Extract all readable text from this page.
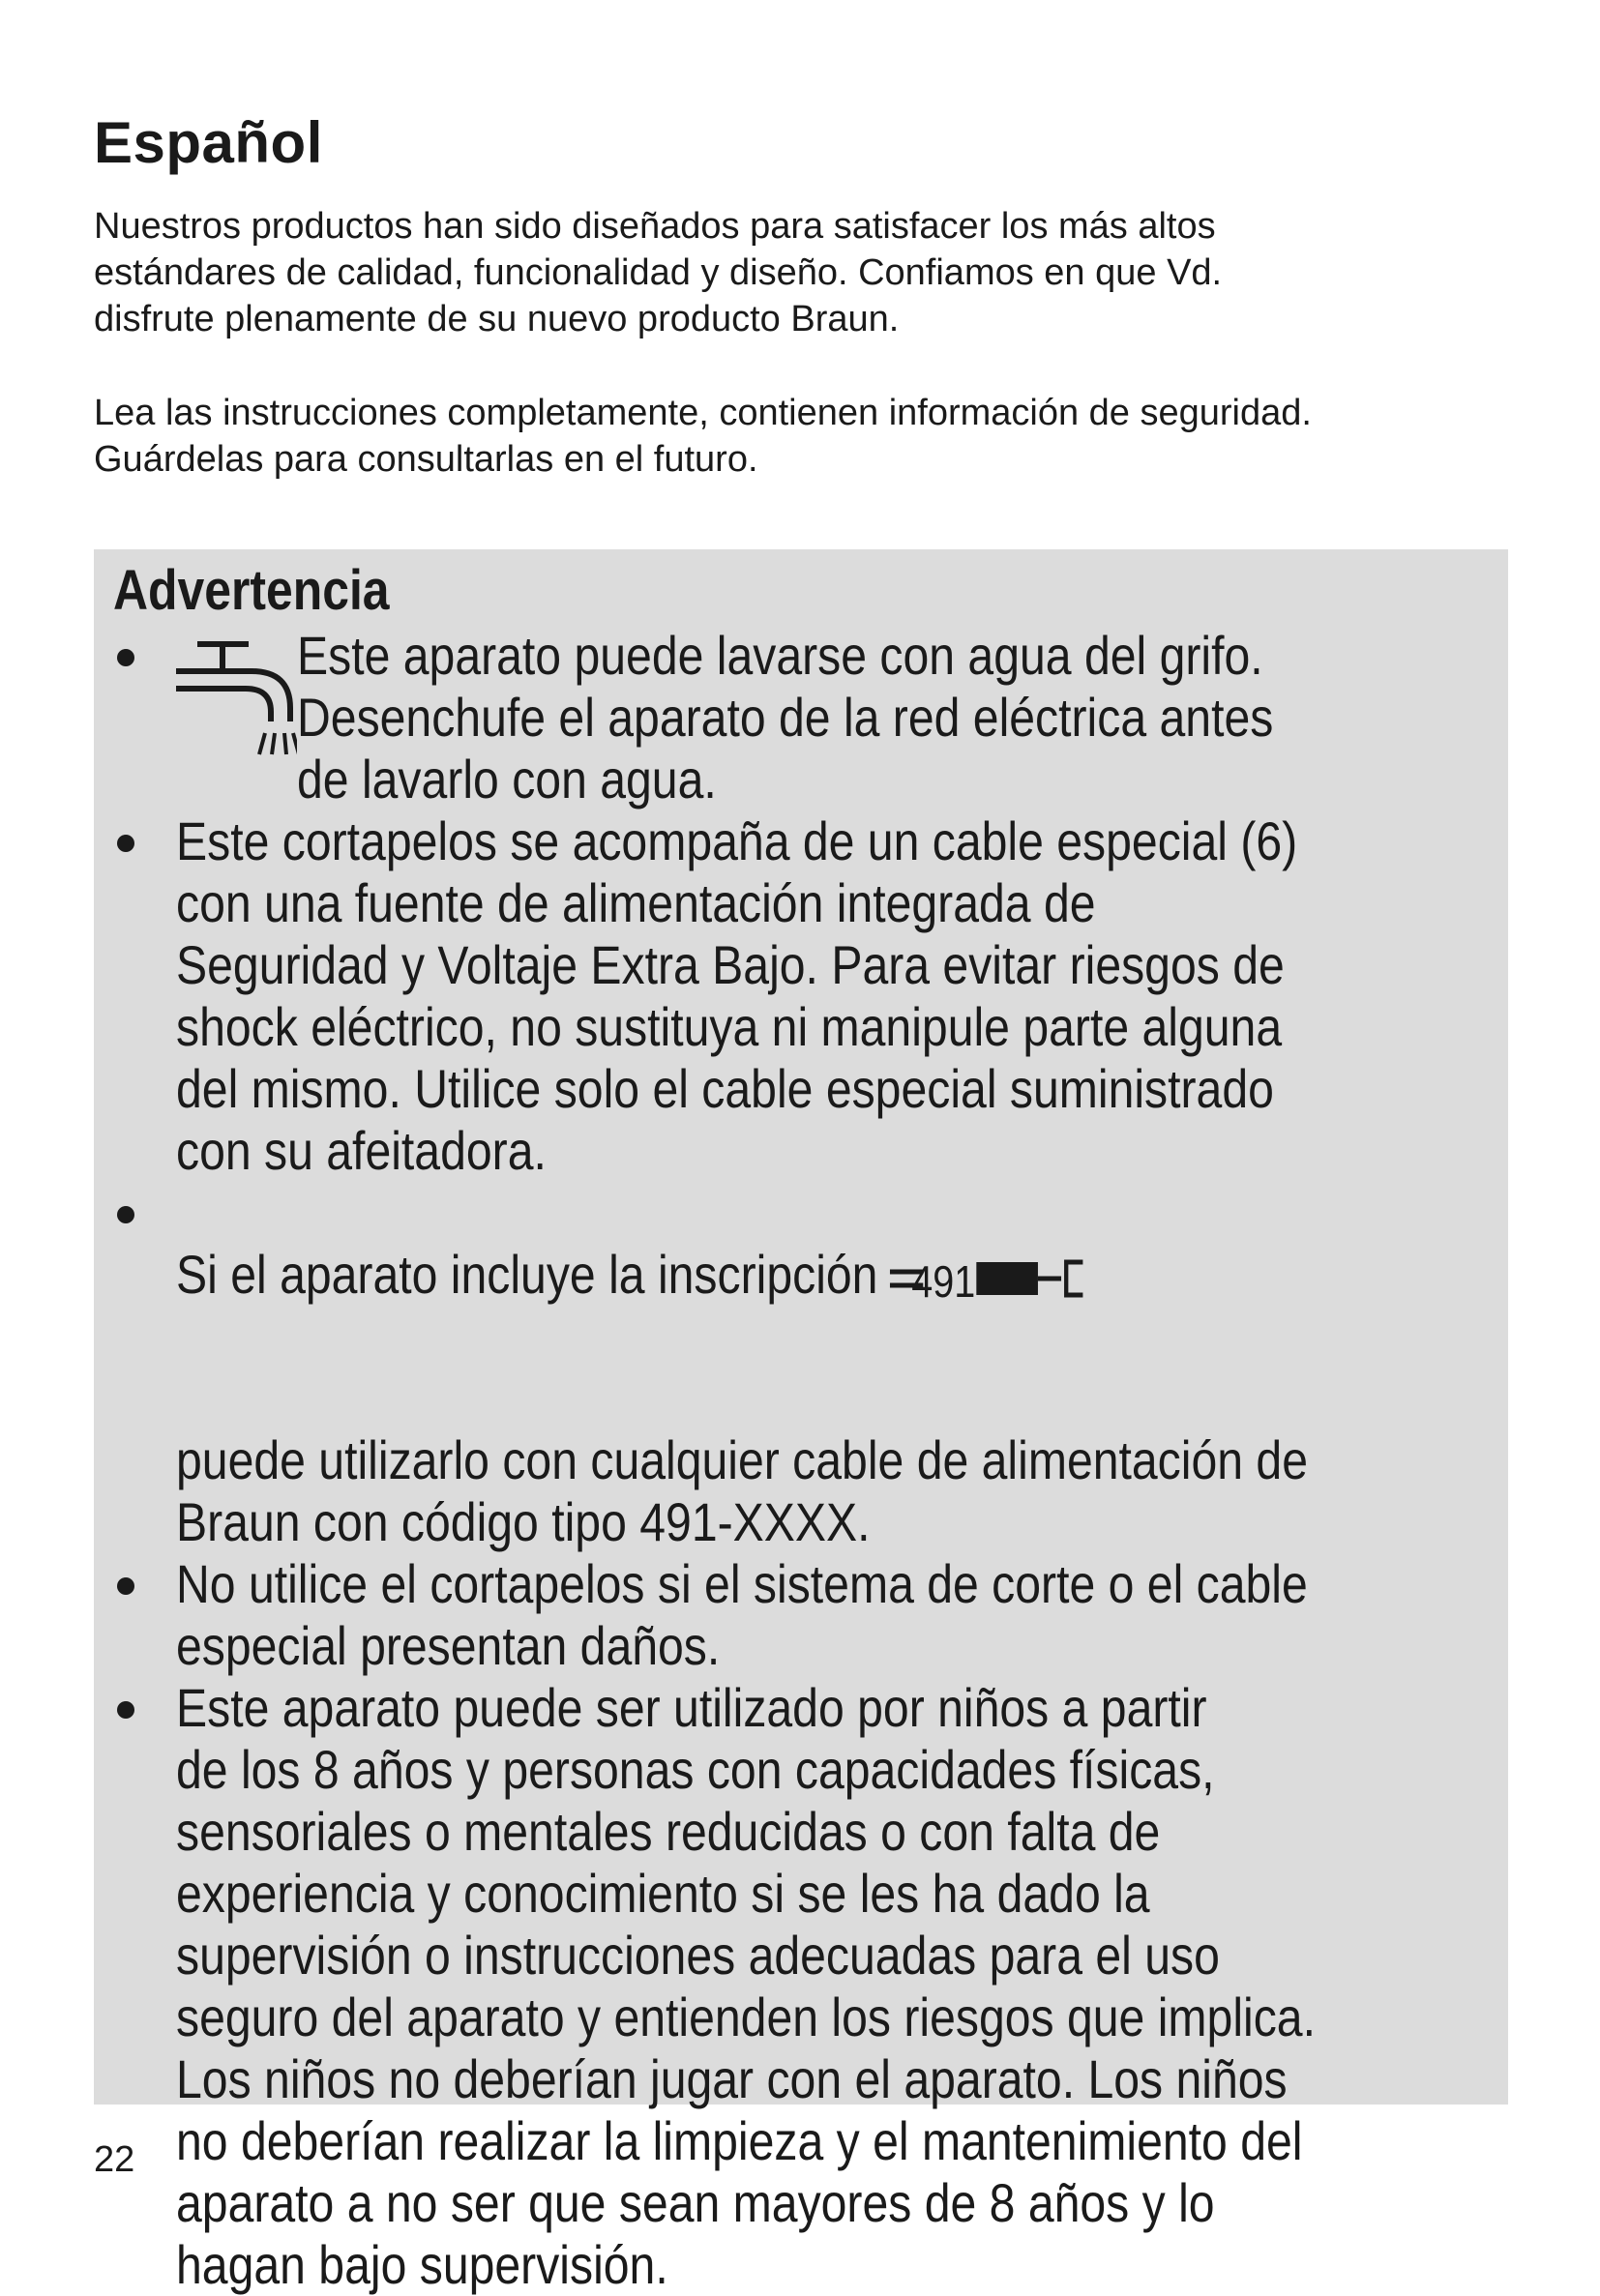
Español

Nuestros productos han sido diseñados para satisfacer los más altos
estándares de calidad, funcionalidad y diseño. Confiamos en que Vd.
disfrute plenamente de su nuevo producto Braun.

Lea las instrucciones completamente, contienen información de seguridad.
Guárdelas para consultarlas en el futuro.

Advertencia
Este aparato puede lavarse con agua del grifo.
Desenchufe el aparato de la red eléctrica antes
de lavarlo con agua.
Este cortapelos se acompaña de un cable especial (6)
con una fuente de alimentación integrada de
Seguridad y Voltaje Extra Bajo. Para evitar riesgos de
shock eléctrico, no sustituya ni manipule parte alguna
del mismo. Utilice solo el cable especial suministrado
con su afeitadora.

Si el aparato incluye la inscripción 491

puede utilizarlo con cualquier cable de alimentación de
Braun con código tipo 491-XXXX.

No utilice el cortapelos si el sistema de corte o el cable
especial presentan daños.
Este aparato puede ser utilizado por niños a partir
de los 8 años y personas con capacidades físicas,
sensoriales o mentales reducidas o con falta de
experiencia y conocimiento si se les ha dado la
supervisión o instrucciones adecuadas para el uso
seguro del aparato y entienden los riesgos que implica.
Los niños no deberían jugar con el aparato. Los niños
no deberían realizar la limpieza y el mantenimiento del
aparato a no ser que sean mayores de 8 años y lo
hagan bajo supervisión.

22
